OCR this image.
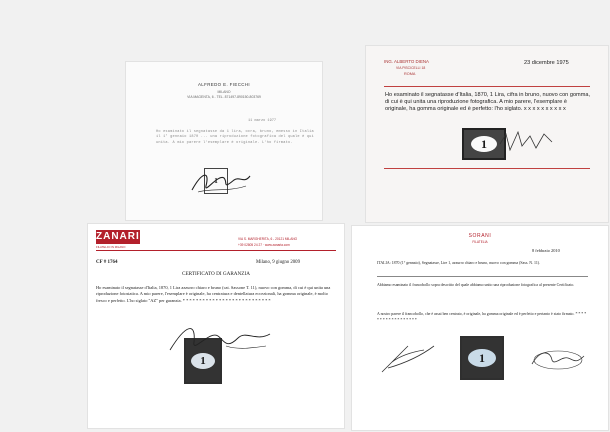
ALFREDO E. FIECCHI
MILANO
VIA MAGENTA, 6 - TEL. 871497-890150-803769
11 marzo 1977
Ho esaminato il segnatasse da 1 lira, ocra, bruno, emesso in Italia il 1° gennaio 1870 ... una riproduzione fotografica del quale è qui unita. A mio parere l'esemplare è originale. L'ho firmato.
1
ING. ALBERTO DIENA
VIA PISCICELLI 18
ROMA
23 dicembre 1975
Ho esaminato il segnatasse d'Italia, 1870, 1 Lira, cifra in bruno, nuovo con gomma, di cui è qui unita una riproduzione fotografica. A mio parere, l'esemplare è originale, ha gomma originale ed è perfetto: l'ho siglato. x x x x x x x x x x
1
ZANARIA
FILATELICI IN MILANO
VIA S. MARGHERITA, 6 - 20121 MILANO
+39 02805 24 27 · www.zanaria.com
CF # 1764	Milano, 9 giugno 2009
CERTIFICATO DI GARANZIA
Ho esaminato il segnatasse d'Italia, 1870, 1 Lira azzurro chiaro e bruno (cat. Sassone T. 11), nuovo con gomma, di cui è qui unita una riproduzione fotostatica. A mio parere, l'esemplare è originale, ha centratura e dentellatura eccezionali, ha gomma originale, è molto fresco e perfetto. L'ho siglato "AZ" per garanzia. * * * * * * * * * * * * * * * * * * * * * * * * * * *
1
SORANI
FILATELIA
8 febbraio 2010
ITALIA: 1870 (1° gennaio), Segnatasse, Lire 1, azzurro chiaro e bruno, nuovo con gomma (Sass. N. 11).
Abbiamo esaminato il francobollo sopra descritto del quale abbiamo unito una riproduzione fotografica al presente Certificato.
A nostro parere il francobollo, che è assai ben centrato, è originale, ha gomma originale ed è perfetto e pertanto è stato firmato. * * * * * * * * * * * * * * * * * *
1
